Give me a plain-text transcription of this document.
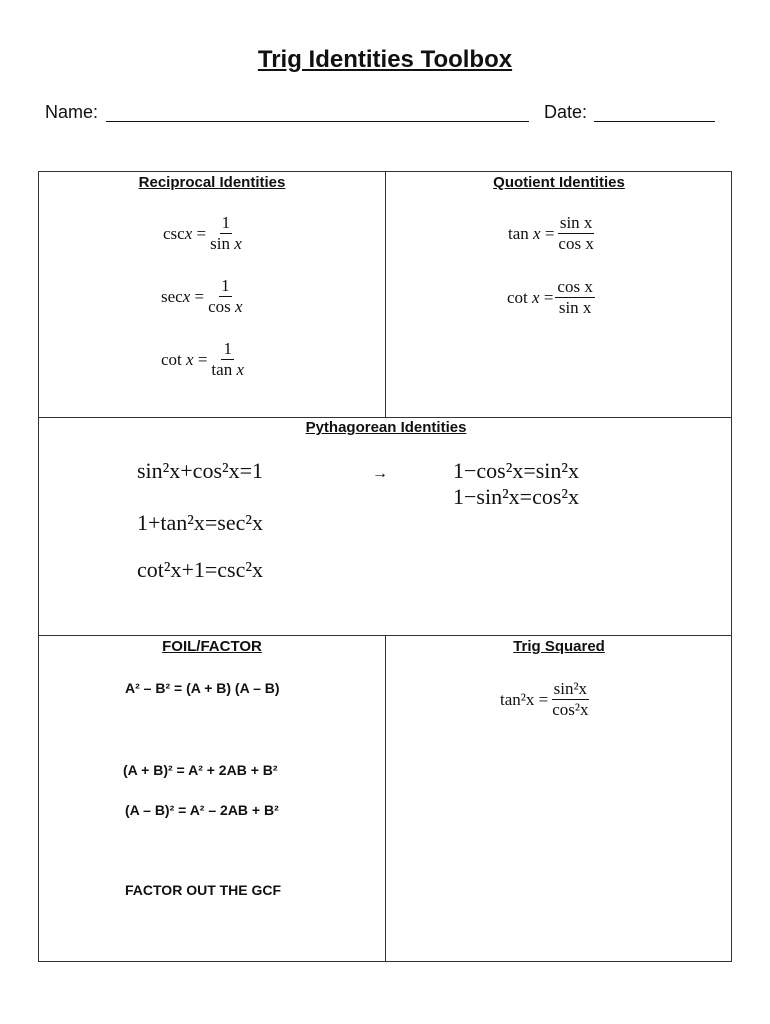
Trig Identities Toolbox
Name:	Date:
Reciprocal Identities
csc x
= $\frac{1}{\text{sin x}}$
sec x
= $\frac{1}{\text{cos x}}$
cot
x
= $\frac{1}{\text{tan x}}$
Quotient Identities
tan
x
= $\frac{\text{sin x}}{\text{cos x}}$
cot
x
= $\frac{\text{cos x}}{\text{sin x}}$
Pythagorean Identities
sin²x+cos²x=1
1+tan²x=sec²x
cot²x+1=csc²x
→	1−cos²x=sin²x
1−sin²x=cos²x
FOIL/FACTOR
A² – B² = (A + B) (A – B)
(A + B)² = A² + 2AB + B²
(A – B)² = A² – 2AB + B²
FACTOR OUT THE GCF
Trig Squared
tan²x
= $\frac{\text{sin²x}}{\text{cos²x}}$
